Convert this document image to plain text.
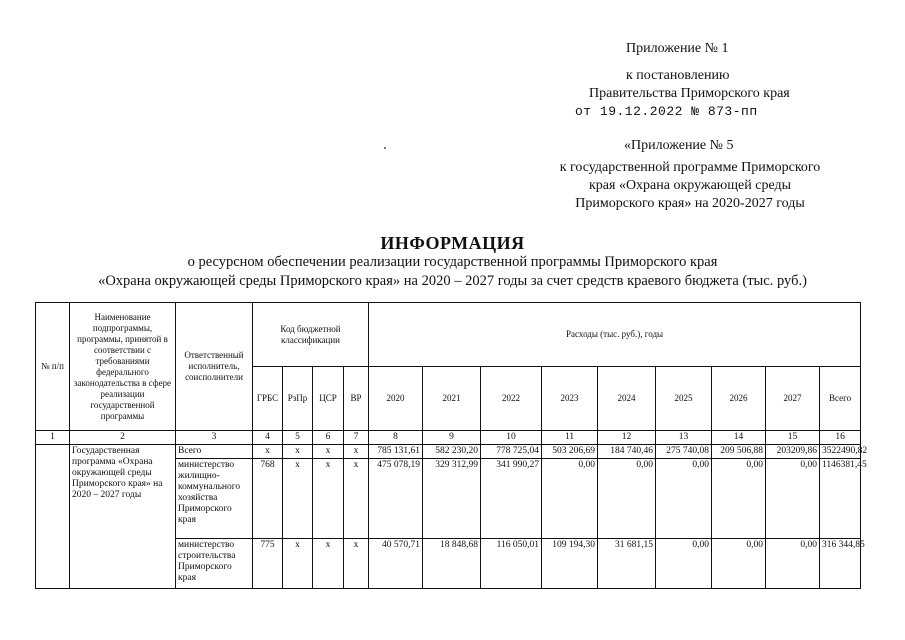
Приложение № 1
к постановлению
Правительства Приморского края
от 19.12.2022 № 873-пп
«Приложение № 5
к государственной программе Приморского
края «Охрана окружающей среды
Приморского края» на 2020-2027 годы
ИНФОРМАЦИЯ
о ресурсном обеспечении реализации государственной программы Приморского края
«Охрана окружающей среды Приморского края» на 2020 – 2027 годы за счет средств краевого бюджета (тыс. руб.)
№ п/п	Наименование подпрограммы, программы, принятой в соответствии с требованиями федерального законодательства в сфере реализации государственной программы	Ответственный исполнитель, соисполнители	Код бюджетной классификации				Расходы (тыс. руб.), годы								
			ГРБС	РзПр	ЦСР	ВР	2020	2021	2022	2023	2024	2025	2026	2027	Всего
1	2	3	4	5	6	7	8	9	10	11	12	13	14	15	16
	Государственная программа «Охрана окружающей среды Приморского края» на 2020 – 2027 годы	Всего	х	х	х	х	785 131,61	582 230,20	778 725,04	503 206,69	184 740,46	275 740,08	209 506,88	203209,86	3522490,82
		министерство жилищно-коммунального хозяйства Приморского края	768	х	х	х	475 078,19	329 312,99	341 990,27	0,00	0,00	0,00	0,00	0,00	1146381,45
		министерство строительства Приморского края	775	х	х	х	40 570,71	18 848,68	116 050,01	109 194,30	31 681,15	0,00	0,00	0,00	316 344,85
